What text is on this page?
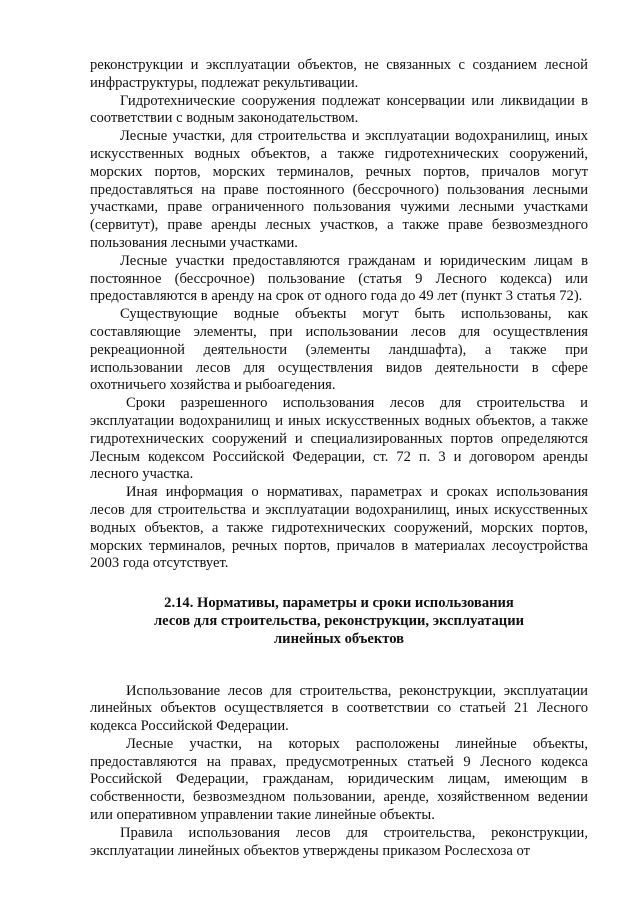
реконструкции и эксплуатации объектов, не связанных с созданием лесной инфраструктуры, подлежат рекультивации.

Гидротехнические сооружения подлежат консервации или ликвидации в соответствии с водным законодательством.

Лесные участки, для строительства и эксплуатации водохранилищ, иных искусственных водных объектов, а также гидротехнических сооружений, морских портов, морских терминалов, речных портов, причалов могут предоставляться на праве постоянного (бессрочного) пользования лесными участками, праве ограниченного пользования чужими лесными участками (сервитут), праве аренды лесных участков, а также праве безвозмездного пользования лесными участками.

Лесные участки предоставляются гражданам и юридическим лицам в постоянное (бессрочное) пользование (статья 9 Лесного кодекса) или предоставляются в аренду на срок от одного года до 49 лет (пункт 3 статья 72).

Существующие водные объекты могут быть использованы, как составляющие элементы, при использовании лесов для осуществления рекреационной деятельности (элементы ландшафта), а также при использовании лесов для осуществления видов деятельности в сфере охотничьего хозяйства и рыбоагедения.

Сроки разрешенного использования лесов для строительства и эксплуатации водохранилищ и иных искусственных водных объектов, а также гидротехнических сооружений и специализированных портов определяются Лесным кодексом Российской Федерации, ст. 72 п. 3 и договором аренды лесного участка.

Иная информация о нормативах, параметрах и сроках использования лесов для строительства и эксплуатации водохранилищ, иных искусственных водных объектов, а также гидротехнических сооружений, морских портов, морских терминалов, речных портов, причалов в материалах лесоустройства 2003 года отсутствует.

2.14. Нормативы, параметры и сроки использования
лесов для строительства, реконструкции, эксплуатации
линейных объектов

Использование лесов для строительства, реконструкции, эксплуатации линейных объектов осуществляется в соответствии со статьей 21 Лесного кодекса Российской Федерации.

Лесные участки, на которых расположены линейные объекты, предоставляются на правах, предусмотренных статьей 9 Лесного кодекса Российской Федерации, гражданам, юридическим лицам, имеющим в собственности, безвозмездном пользовании, аренде, хозяйственном ведении или оперативном управлении такие линейные объекты.

Правила использования лесов для строительства, реконструкции, эксплуатации линейных объектов утверждены приказом Рослесхоза от
